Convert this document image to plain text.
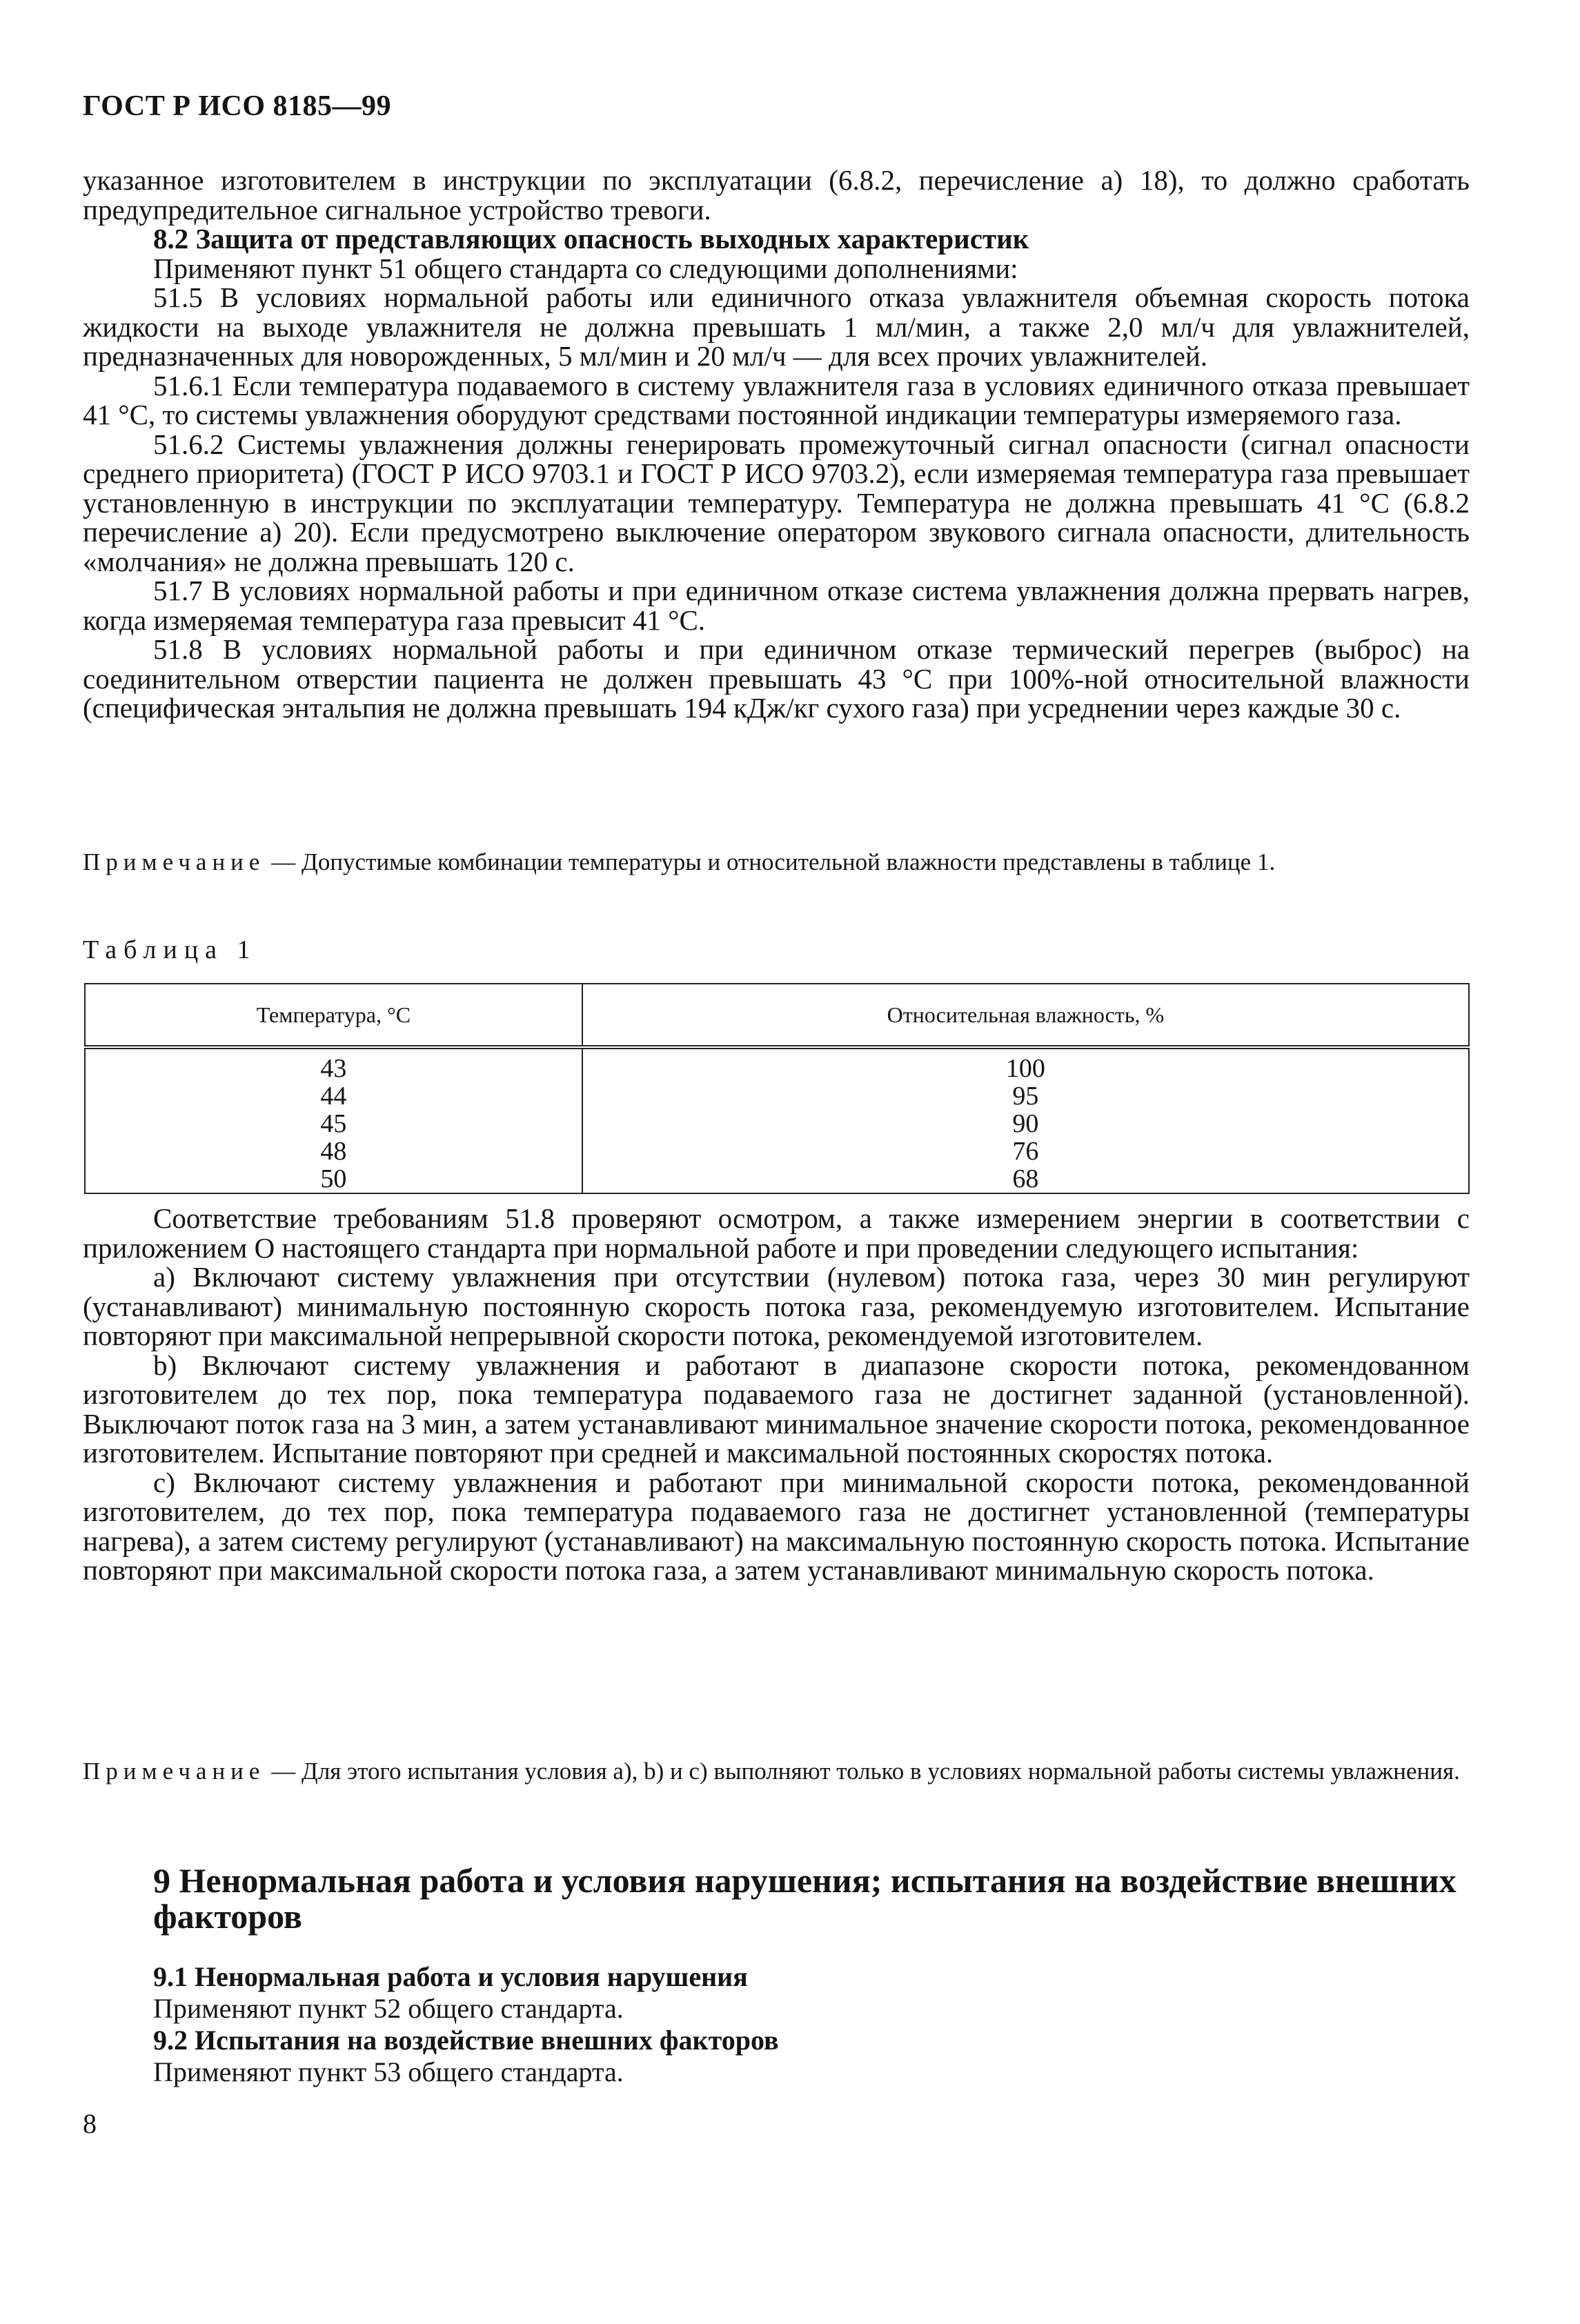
ГОСТ Р ИСО 8185—99

указанное изготовителем в инструкции по эксплуатации (6.8.2, перечисление а) 18), то должно сработать предупредительное сигнальное устройство тревоги.

8.2 Защита от представляющих опасность выходных характеристик

Применяют пункт 51 общего стандарта со следующими дополнениями:

51.5 В условиях нормальной работы или единичного отказа увлажнителя объемная скорость потока жидкости на выходе увлажнителя не должна превышать 1 мл/мин, а также 2,0 мл/ч для увлажнителей, предназначенных для новорожденных, 5 мл/мин и 20 мл/ч — для всех прочих увлажнителей.

51.6.1 Если температура подаваемого в систему увлажнителя газа в условиях единичного отказа превышает 41 °С, то системы увлажнения оборудуют средствами постоянной индикации температуры измеряемого газа.

51.6.2 Системы увлажнения должны генерировать промежуточный сигнал опасности (сигнал опасности среднего приоритета) (ГОСТ Р ИСО 9703.1 и ГОСТ Р ИСО 9703.2), если измеряемая температура газа превышает установленную в инструкции по эксплуатации температуру. Температура не должна превышать 41 °С (6.8.2 перечисление а) 20). Если предусмотрено выключение оператором звукового сигнала опасности, длительность «молчания» не должна превышать 120 с.

51.7 В условиях нормальной работы и при единичном отказе система увлажнения должна прервать нагрев, когда измеряемая температура газа превысит 41 °С.

51.8 В условиях нормальной работы и при единичном отказе термический перегрев (выброс) на соединительном отверстии пациента не должен превышать 43 °С при 100%-ной относительной влажности (специфическая энтальпия не должна превышать 194 кДж/кг сухого газа) при усреднении через каждые 30 с.

Примечание — Допустимые комбинации температуры и относительной влажности представлены в таблице 1.
Таблица 1
Температура, °С	Относительная влажность, %
43	100
44	95
45	90
48	76
50	68

Соответствие требованиям 51.8 проверяют осмотром, а также измерением энергии в соответствии с приложением О настоящего стандарта при нормальной работе и при проведении следующего испытания:

а) Включают систему увлажнения при отсутствии (нулевом) потока газа, через 30 мин регулируют (устанавливают) минимальную постоянную скорость потока газа, рекомендуемую изготовителем. Испытание повторяют при максимальной непрерывной скорости потока, рекомендуемой изготовителем.

b) Включают систему увлажнения и работают в диапазоне скорости потока, рекомендованном изготовителем до тех пор, пока температура подаваемого газа не достигнет заданной (установленной). Выключают поток газа на 3 мин, а затем устанавливают минимальное значение скорости потока, рекомендованное изготовителем. Испытание повторяют при средней и максимальной постоянных скоростях потока.

с) Включают систему увлажнения и работают при минимальной скорости потока, рекомендованной изготовителем, до тех пор, пока температура подаваемого газа не достигнет установленной (температуры нагрева), а затем систему регулируют (устанавливают) на максимальную постоянную скорость потока. Испытание повторяют при максимальной скорости потока газа, а затем устанавливают минимальную скорость потока.

Примечание — Для этого испытания условия а), b) и с) выполняют только в условиях нормальной работы системы увлажнения.
9 Ненормальная работа и условия нарушения; испытания на воздействие внешних факторов
9.1 Ненормальная работа и условия нарушения
Применяют пункт 52 общего стандарта.
9.2 Испытания на воздействие внешних факторов
Применяют пункт 53 общего стандарта.
8
